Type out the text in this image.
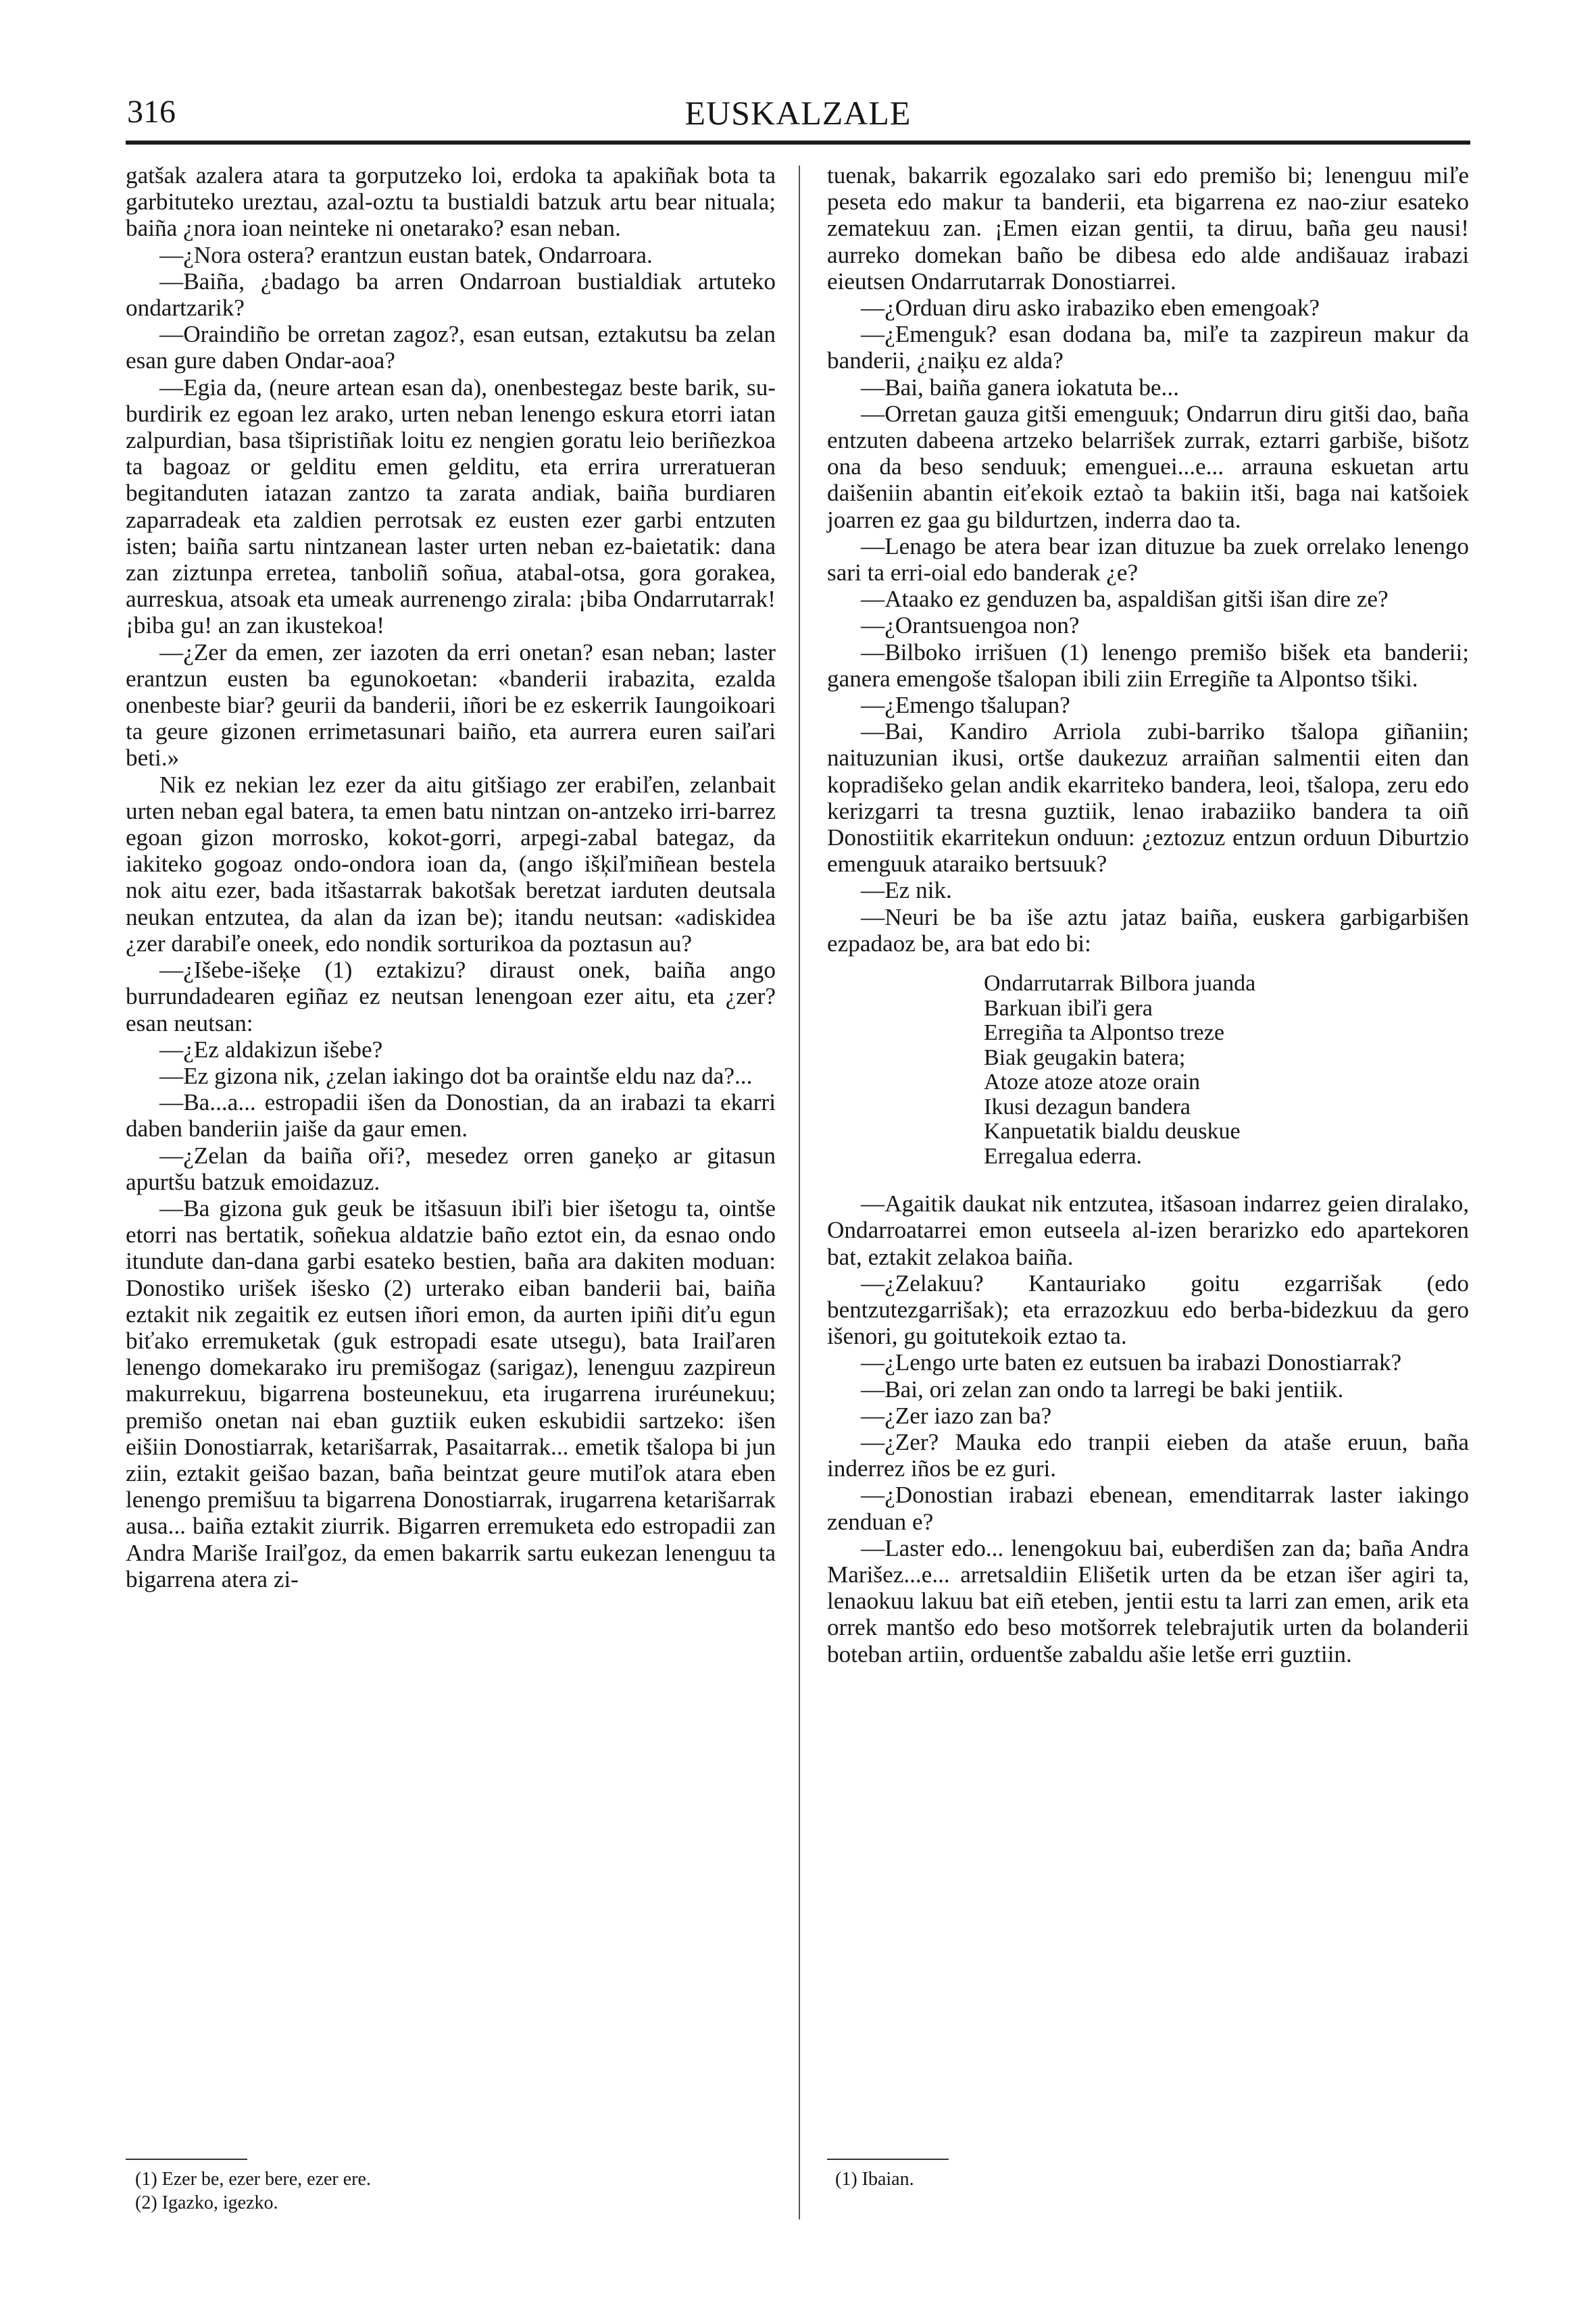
316	EUSKALZALE

gatšak azalera atara ta gorputzeko loi, erdoka ta apakiñak bota ta garbituteko ureztau, azal-oztu ta bustialdi batzuk artu bear nituala; baiña ¿nora ioan neinteke ni onetarako? esan neban.

—¿Nora ostera? erantzun eustan batek, Ondarroara.

—Baiña, ¿badago ba arren Ondarroan bustialdiak artuteko ondartzarik?

—Oraindiño be orretan zagoz?, esan eutsan, eztakutsu ba zelan esan gure daben Ondar-aoa?

—Egia da, (neure artean esan da), onenbestegaz beste barik, su-burdirik ez egoan lez arako, urten neban lenengo eskura etorri iatan zalpurdian, basa tšipristiñak loitu ez nengien goratu leio beriñezkoa ta bagoaz or gelditu emen gelditu, eta errira urreratueran begitanduten iatazan zantzo ta zarata andiak, baiña burdiaren zaparradeak eta zaldien perrotsak ez eusten ezer garbi entzuten isten; baiña sartu nintzanean laster urten neban ez-baietatik: dana zan ziztunpa erretea, tanboliñ soñua, atabal-otsa, gora gorakea, aurreskua, atsoak eta umeak aurrenengo zirala: ¡biba Ondarrutarrak! ¡biba gu! an zan ikustekoa!

—¿Zer da emen, zer iazoten da erri onetan? esan neban; laster erantzun eusten ba egunokoetan: «banderii irabazita, ezalda onenbeste biar? geurii da banderii, iñori be ez eskerrik Iaungoikoari ta geure gizonen errimetasunari baiño, eta aurrera euren saiľari beti.»

Nik ez nekian lez ezer da aitu gitšiago zer erabiľen, zelanbait urten neban egal batera, ta emen batu nintzan on-antzeko irri-barrez egoan gizon morrosko, kokot-gorri, arpegi-zabal bategaz, da iakiteko gogoaz ondo-ondora ioan da, (ango išķiľmiñean bestela nok aitu ezer, bada itšastarrak bakotšak beretzat iarduten deutsala neukan entzutea, da alan da izan be); itandu neutsan: «adiskidea ¿zer darabiľe oneek, edo nondik sorturikoa da poztasun au?

—¿Išebe-išeķe (1) eztakizu? diraust onek, baiña ango burrundadearen egiñaz ez neutsan lenengoan ezer aitu, eta ¿zer? esan neutsan:

—¿Ez aldakizun išebe?

—Ez gizona nik, ¿zelan iakingo dot ba oraintše eldu naz da?...

—Ba...a... estropadii išen da Donostian, da an irabazi ta ekarri daben banderiin jaiše da gaur emen.

—¿Zelan da baiña oři?, mesedez orren ganeķo ar gitasun apurtšu batzuk emoidazuz.

—Ba gizona guk geuk be itšasuun ibiľi bier išetogu ta, ointše etorri nas bertatik, soñekua aldatzie baño eztot ein, da esnao ondo itundute dan-dana garbi esateko bestien, baña ara dakiten moduan: Donostiko urišek išesko (2) urterako eiban banderii bai, baiña eztakit nik zegaitik ez eutsen iñori emon, da aurten ipiñi diťu egun biťako erremuketak (guk estropadi esate utsegu), bata Iraiľaren lenengo domekarako iru premišogaz (sarigaz), lenenguu zazpireun makurrekuu, bigarrena bosteunekuu, eta irugarrena iruréunekuu; premišo onetan nai eban guztiik euken eskubidii sartzeko: išen eišiin Donostiarrak, ketarišarrak, Pasaitarrak... emetik tšalopa bi jun ziin, eztakit geišao bazan, baña beintzat geure mutiľok atara eben lenengo premišuu ta bigarrena Donostiarrak, irugarrena ketarišarrak ausa... baiña eztakit ziurrik. Bigarren erremuketa edo estropadii zan Andra Mariše Iraiľgoz, da emen bakarrik sartu eukezan lenenguu ta bigarrena atera zi-

tuenak, bakarrik egozalako sari edo premišo bi; lenenguu miľe peseta edo makur ta banderii, eta bigarrena ez nao-ziur esateko zematekuu zan. ¡Emen eizan gentii, ta diruu, baña geu nausi! aurreko domekan baño be dibesa edo alde andišauaz irabazi eieutsen Ondarrutarrak Donostiarrei.

—¿Orduan diru asko irabaziko eben emengoak?

—¿Emenguk? esan dodana ba, miľe ta zazpireun makur da banderii, ¿naiķu ez alda?

—Bai, baiña ganera iokatuta be...

—Orretan gauza gitši emenguuk; Ondarrun diru gitši dao, baña entzuten dabeena artzeko belarrišek zurrak, eztarri garbiše, bišotz ona da beso senduuk; emenguei...e... arrauna eskuetan artu daišeniin abantin eiťekoik eztaò ta bakiin itši, baga nai katšoiek joarren ez gaa gu bildurtzen, inderra dao ta.

—Lenago be atera bear izan dituzue ba zuek orrelako lenengo sari ta erri-oial edo banderak ¿e?

—Ataako ez genduzen ba, aspaldišan gitši išan dire ze?

—¿Orantsuengoa non?

—Bilboko irrišuen (1) lenengo premišo bišek eta banderii; ganera emengoše tšalopan ibili ziin Erregiñe ta Alpontso tšiki.

—¿Emengo tšalupan?

—Bai, Kandiro Arriola zubi-barriko tšalopa giñaniin; naituzunian ikusi, ortše daukezuz arraiñan salmentii eiten dan kopradišeko gelan andik ekarriteko bandera, leoi, tšalopa, zeru edo kerizgarri ta tresna guztiik, lenao irabaziiko bandera ta oiñ Donostiitik ekarritekun onduun: ¿eztozuz entzun orduun Diburtzio emenguuk ataraiko bertsuuk?

—Ez nik.

—Neuri be ba iše aztu jataz baiña, euskera garbigarbišen ezpadaoz be, ara bat edo bi:

Ondarrutarrak Bilbora juanda
Barkuan ibiľi gera
Erregiña ta Alpontso treze
Biak geugakin batera;
Atoze atoze atoze orain
Ikusi dezagun bandera
Kanpuetatik bialdu deuskue
Erregalua ederra.

—Agaitik daukat nik entzutea, itšasoan indarrez geien diralako, Ondarroatarrei emon eutseela al-izen berarizko edo apartekoren bat, eztakit zelakoa baiña.

—¿Zelakuu? Kantauriako goitu ezgarrišak (edo bentzutezgarrišak); eta errazozkuu edo berba-bidezkuu da gero išenori, gu goitutekoik eztao ta.

—¿Lengo urte baten ez eutsuen ba irabazi Donostiarrak?

—Bai, ori zelan zan ondo ta larregi be baki jentiik.

—¿Zer iazo zan ba?

—¿Zer? Mauka edo tranpii eieben da ataše eruun, baña inderrez iños be ez guri.

—¿Donostian irabazi ebenean, emenditarrak laster iakingo zenduan e?

—Laster edo... lenengokuu bai, euberdišen zan da; baña Andra Marišez...e... arretsaldiin Elišetik urten da be etzan išer agiri ta, lenaokuu lakuu bat eiñ eteben, jentii estu ta larri zan emen, arik eta orrek mantšo edo beso motšorrek telebrajutik urten da bolanderii boteban artiin, orduentše zabaldu ašie letše erri guztiin.

(1) Ezer be, ezer bere, ezer ere.
(2) Igazko, igezko.
(1) Ibaian.
